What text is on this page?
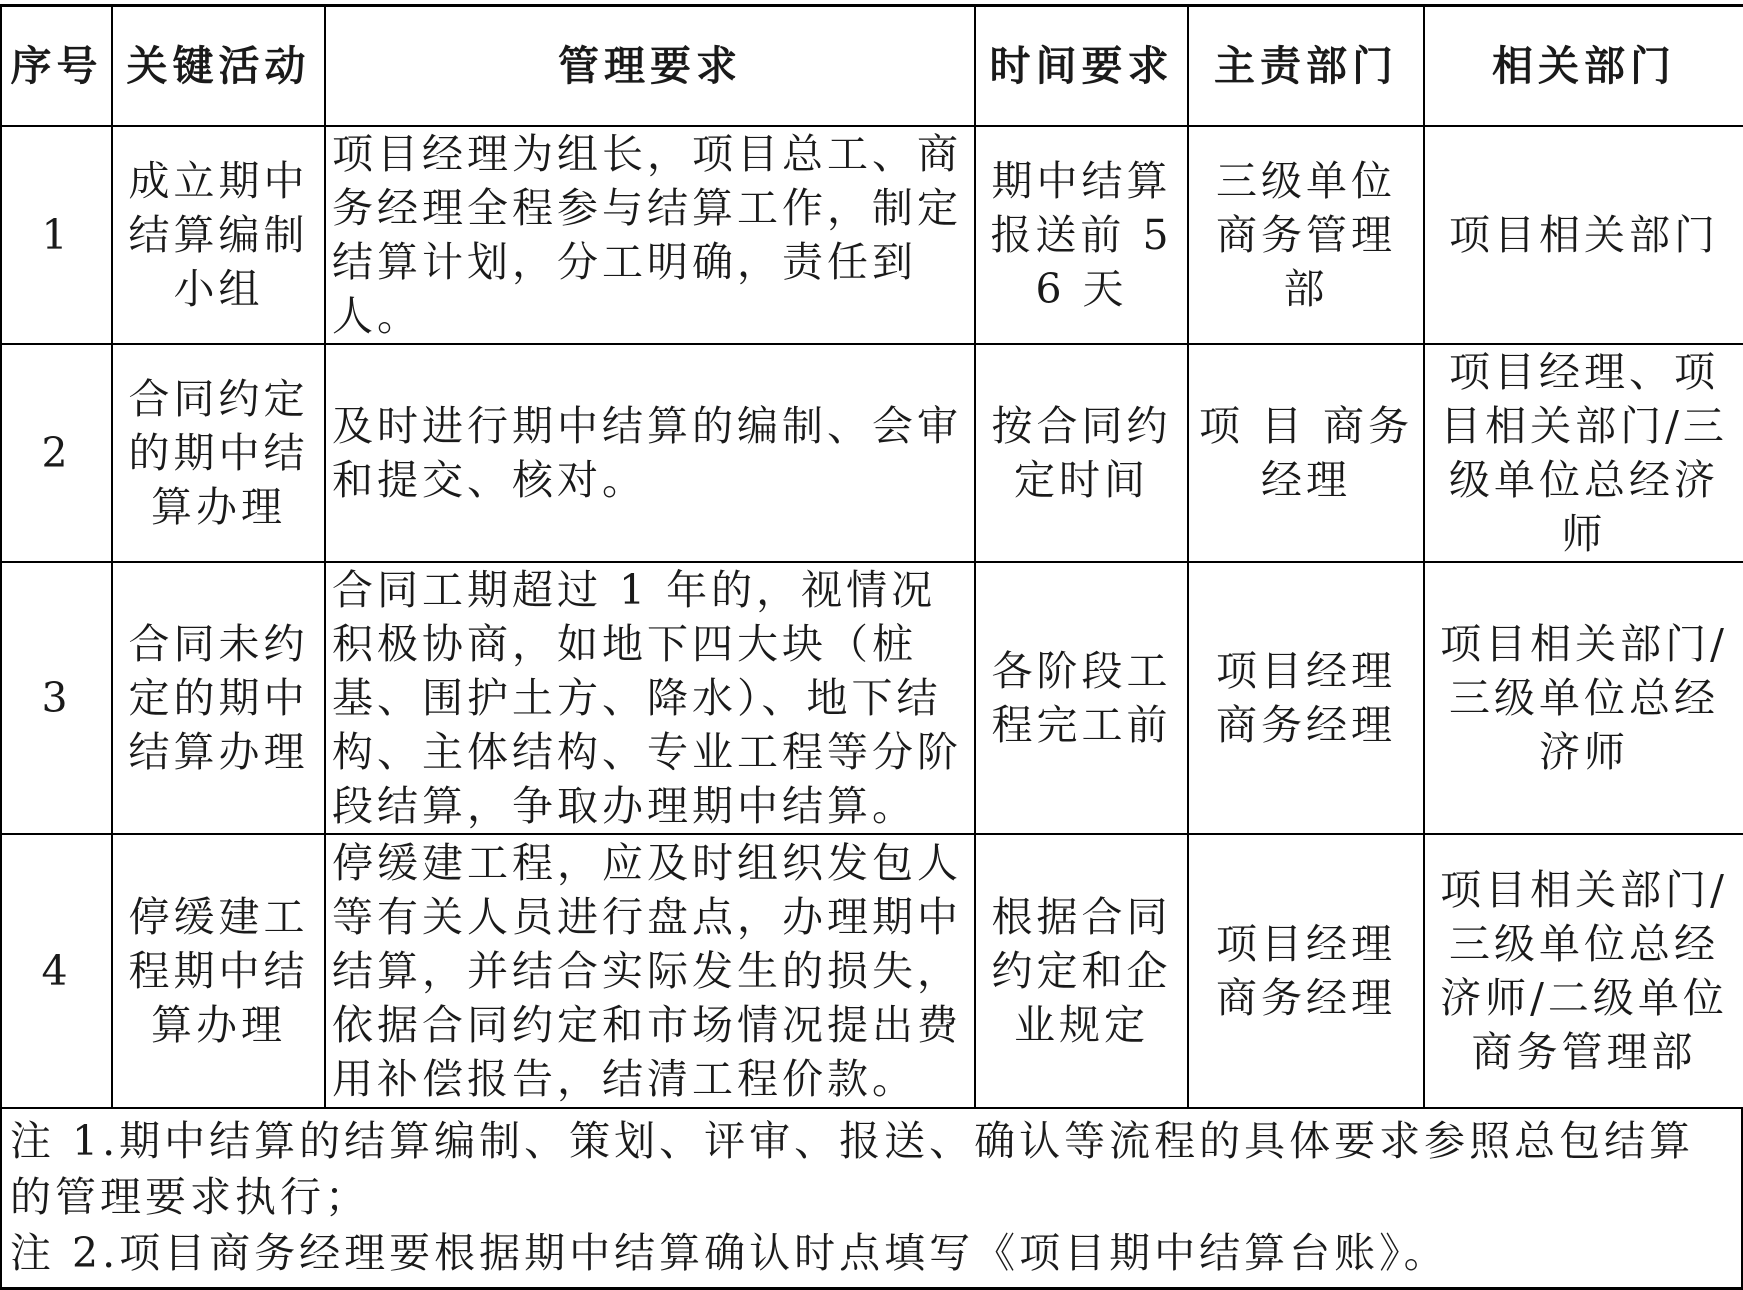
序号	关键活动	管理要求	时间要求	主责部门	相关部门
1	成立期中结算编制小组	项目经理为组长，项目总工、商务经理全程参与结算工作，制定结算计划，分工明确，责任到人。	期中结算报送前 56 天	三级单位商务管理部	项目相关部门
2	合同约定的期中结算办理	及时进行期中结算的编制、会审和提交、核对。	按合同约定时间	项 目 商务经理	项目经理、项目相关部门/三级单位总经济师
3	合同未约定的期中结算办理	合同工期超过 1 年的，视情况积极协商，如地下四大块（桩基、围护土方、降水）、地下结构、主体结构、专业工程等分阶段结算，争取办理期中结算。	各阶段工程完工前	项目经理商务经理	项目相关部门/三级单位总经济师
4	停缓建工程期中结算办理	停缓建工程，应及时组织发包人等有关人员进行盘点，办理期中结算，并结合实际发生的损失，依据合同约定和市场情况提出费用补偿报告，结清工程价款。	根据合同约定和企业规定	项目经理商务经理	项目相关部门/三级单位总经济师/二级单位商务管理部
注 1.期中结算的结算编制、策划、评审、报送、确认等流程的具体要求参照总包结算的管理要求执行；
注 2.项目商务经理要根据期中结算确认时点填写《项目期中结算台账》。
